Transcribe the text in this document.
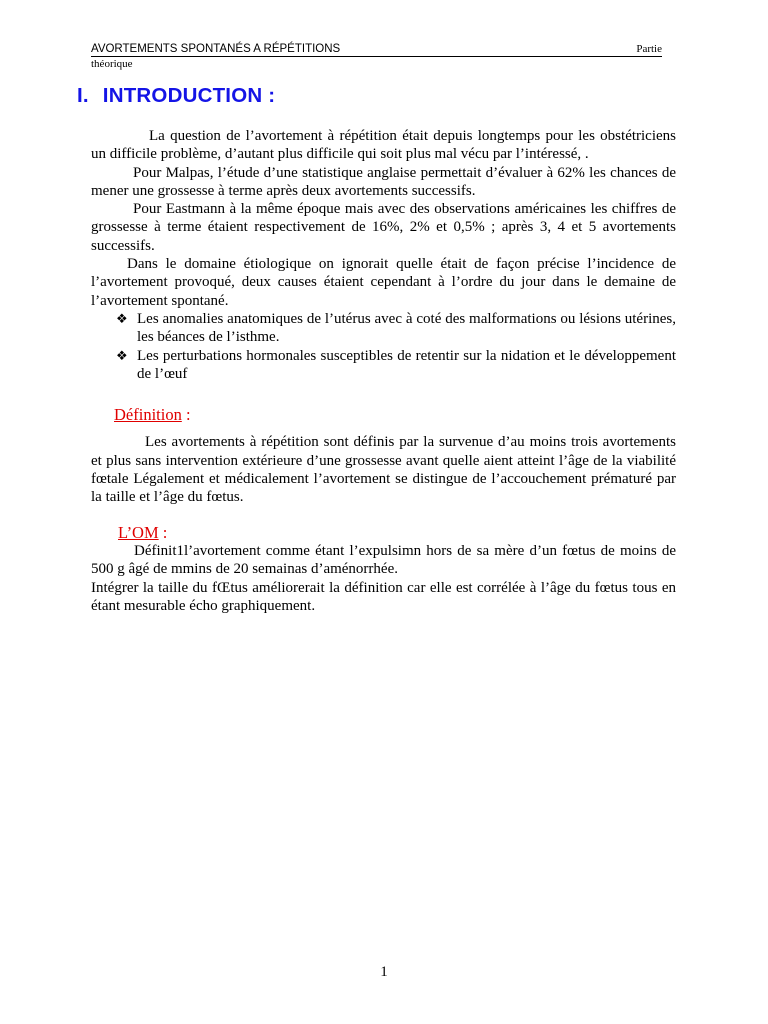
AVORTEMENTS SPONTANÉS A RÉPÉTITIONS	Partie
théorique
I. INTRODUCTION :

La question de l’avortement à répétition était depuis longtemps pour les obstétriciens un difficile problème, d’autant plus difficile qui soit plus mal vécu par l’intéressé, .

Pour Malpas, l’étude d’une statistique anglaise permettait d’évaluer à 62% les chances de mener une grossesse à terme après deux avortements successifs.

Pour Eastmann à la même époque mais avec des observations américaines les chiffres de grossesse à terme étaient respectivement de 16%, 2% et 0,5% ; après 3, 4 et 5 avortements successifs.

Dans le domaine étiologique on ignorait quelle était de façon précise l’incidence de l’avortement provoqué, deux causes étaient cependant à l’ordre du jour dans le demaine de l’avortement spontané.

❖ Les anomalies anatomiques de l’utérus avec à coté des malformations ou lésions utérines, les béances de l’isthme.
❖ Les perturbations hormonales susceptibles de retentir sur la nidation et le développement de l’œuf

Définition :

Les avortements à répétition sont définis par la survenue d’au moins trois avortements et plus sans intervention extérieure d’une grossesse avant quelle aient atteint l’âge de la viabilité fœtale Légalement et médicalement l’avortement se distingue de l’accouchement prématuré par la taille et l’âge du fœtus.

L’OM :

Définit1l’avortement comme étant l’expulsimn hors de sa mère d’un fœtus de moins de 500 g âgé de mmins de 20 semainas d’aménorrhée.

Intégrer la taille du fŒtus améliorerait la définition car elle est corrélée à l’âge du fœtus tous en étant mesurable écho graphiquement.

1
